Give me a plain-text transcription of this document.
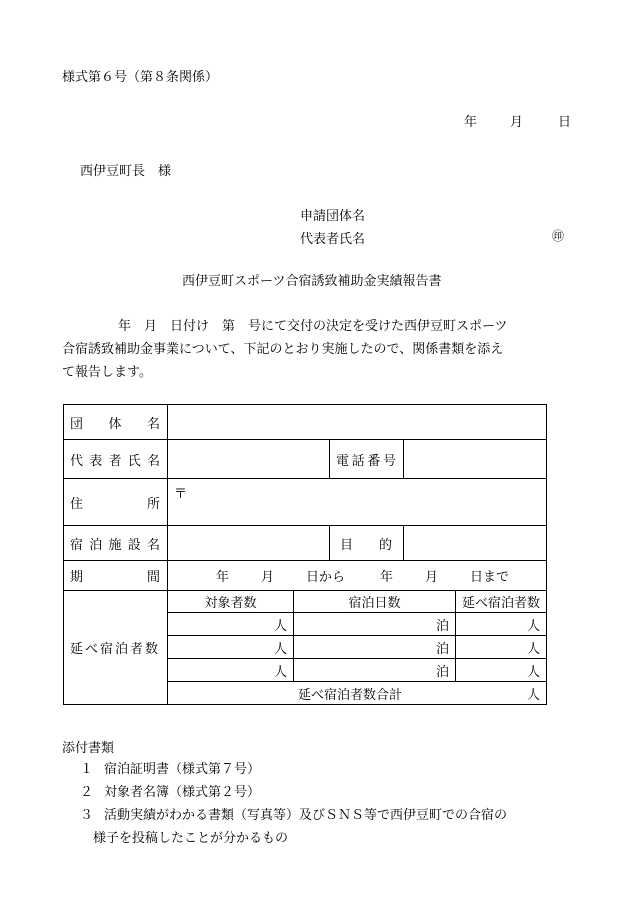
様式第６号（第８条関係）
年	月	日
西伊豆町長　様
申請団体名
代表者氏名	㊞
西伊豆町スポーツ合宿誘致補助金実績報告書
年　月　日付け　第　号にて交付の決定を受けた西伊豆町スポーツ
合宿誘致補助金事業について、下記のとおり実施したので、関係書類を添え
て報告します。
団 体 名					

代 表 者 氏 名			電 話 番 号		

住 所	〒				

宿 泊 施 設 名			目 的		

期 間	年 月 日から 年 月 日まで				
延べ宿泊者数	対象者数	宿泊日数			延べ宿泊者数
	人	泊			人
	人	泊			人
	人	泊			人
	延べ宿泊者数合計 人				
添付書類
１ 宿泊証明書（様式第７号）
２ 対象者名簿（様式第２号）
３ 活動実績がわかる書類（写真等）及びＳＮＳ等で西伊豆町での合宿の
様子を投稿したことが分かるもの
